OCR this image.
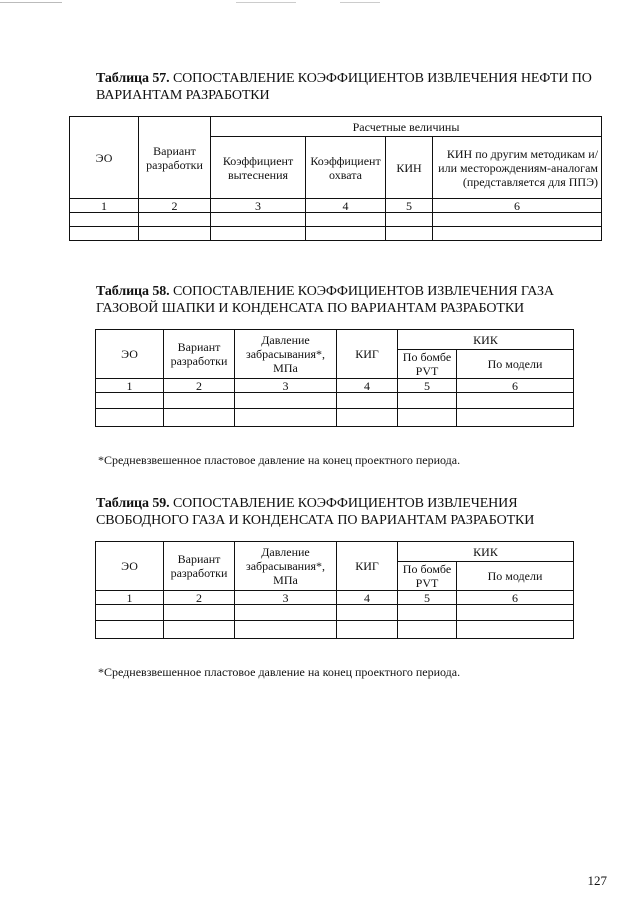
Таблица 57. СОПОСТАВЛЕНИЕ КОЭФФИЦИЕНТОВ ИЗВЛЕЧЕНИЯ НЕФТИ ПО ВАРИАНТАМ РАЗРАБОТКИ

ЭО	Вариант разработки	Расчетные величины			
		Коэффициент вытеснения	Коэффициент охвата	КИН	КИН по другим методикам и/или месторождениям-аналогам (представляется для ППЭ)
1	2	3	4	5	6

Таблица 58. СОПОСТАВЛЕНИЕ КОЭФФИЦИЕНТОВ ИЗВЛЕЧЕНИЯ ГАЗА ГАЗОВОЙ ШАПКИ И КОНДЕНСАТА ПО ВАРИАНТАМ РАЗРАБОТКИ

ЭО	Вариант разработки	Давление забрасывания*, МПа	КИГ	КИК	
				По бомбе PVT	По модели
1	2	3	4	5	6

*Средневзвешенное пластовое давление на конец проектного периода.

Таблица 59. СОПОСТАВЛЕНИЕ КОЭФФИЦИЕНТОВ ИЗВЛЕЧЕНИЯ СВОБОДНОГО ГАЗА И КОНДЕНСАТА ПО ВАРИАНТАМ РАЗРАБОТКИ

ЭО	Вариант разработки	Давление забрасывания*, МПа	КИГ	КИК	
				По бомбе PVT	По модели
1	2	3	4	5	6

*Средневзвешенное пластовое давление на конец проектного периода.

127
